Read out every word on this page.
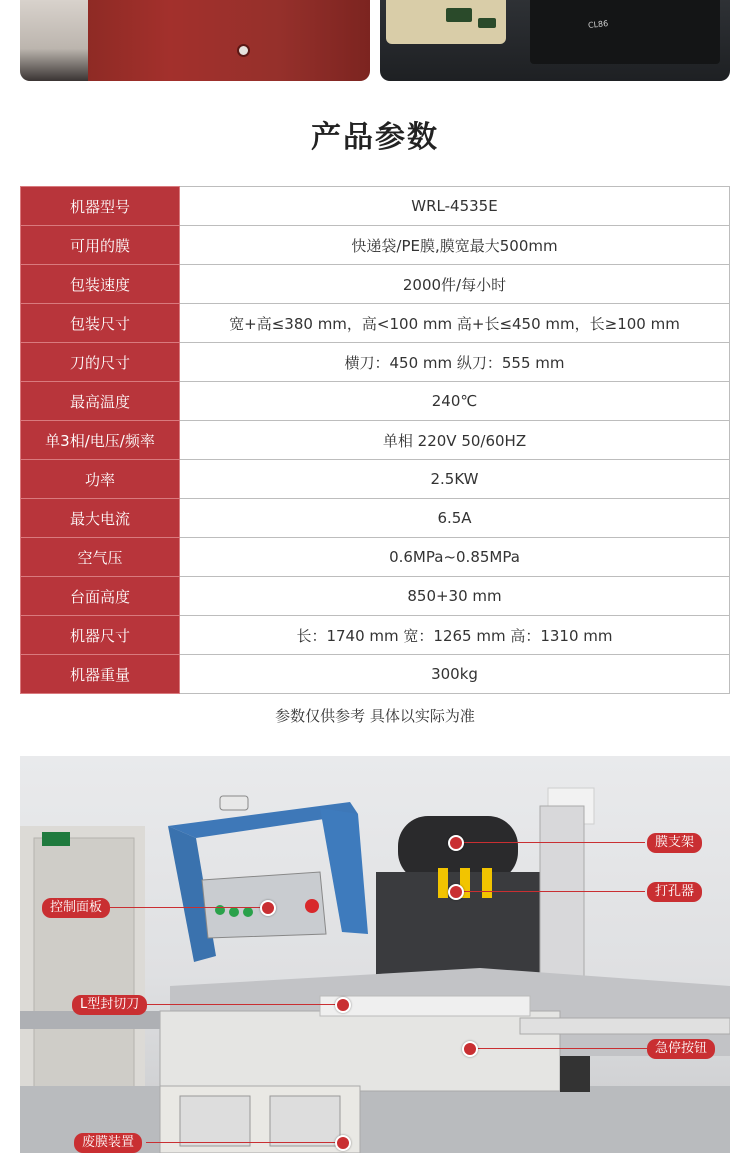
CL86
产品参数
机器型号	WRL-4535E
可用的膜	快递袋/PE膜,膜宽最大500mm
包装速度	2000件/每小时
包装尺寸	宽+高≤380 mm，高<100 mm 高+长≤450 mm，长≥100 mm
刀的尺寸	横刀：450 mm 纵刀：555 mm
最高温度	240℃
单3相/电压/频率	单相 220V 50/60HZ
功率	2.5KW
最大电流	6.5A
空气压	0.6MPa~0.85MPa
台面高度	850+30 mm
机器尺寸	长：1740 mm 宽：1265 mm 高：1310 mm
机器重量	300kg
参数仅供参考 具体以实际为准
膜支架
打孔器
控制面板
L型封切刀
急停按钮
废膜装置
